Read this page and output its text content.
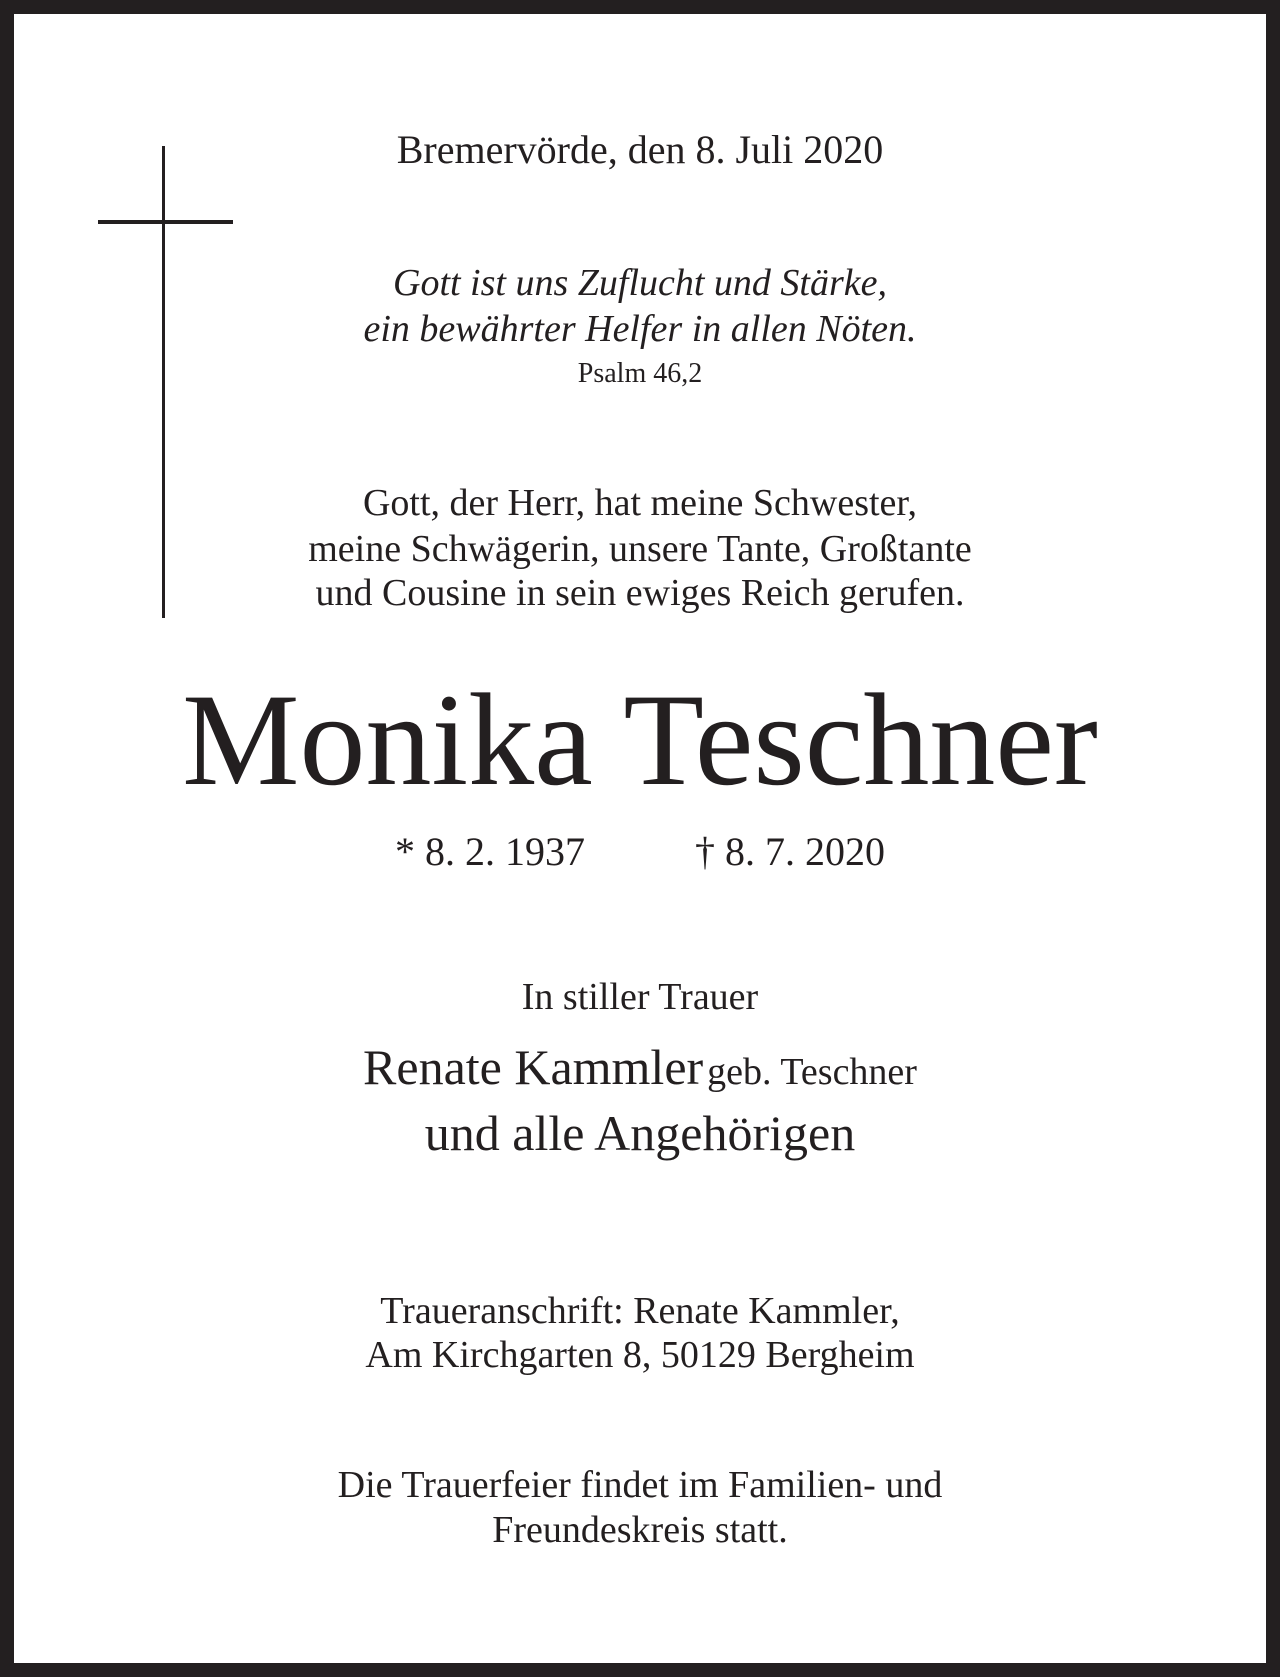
Bremervörde, den 8. Juli 2020
Gott ist uns Zuflucht und Stärke,
ein bewährter Helfer in allen Nöten.
Psalm 46,2
Gott, der Herr, hat meine Schwester,
meine Schwägerin, unsere Tante, Großtante
und Cousine in sein ewiges Reich gerufen.
Monika Teschner
* 8. 2. 1937	† 8. 7. 2020
In stiller Trauer
Renate Kammler geb. Teschner
und alle Angehörigen
Traueranschrift: Renate Kammler,
Am Kirchgarten 8, 50129 Bergheim
Die Trauerfeier findet im Familien- und
Freundeskreis statt.
